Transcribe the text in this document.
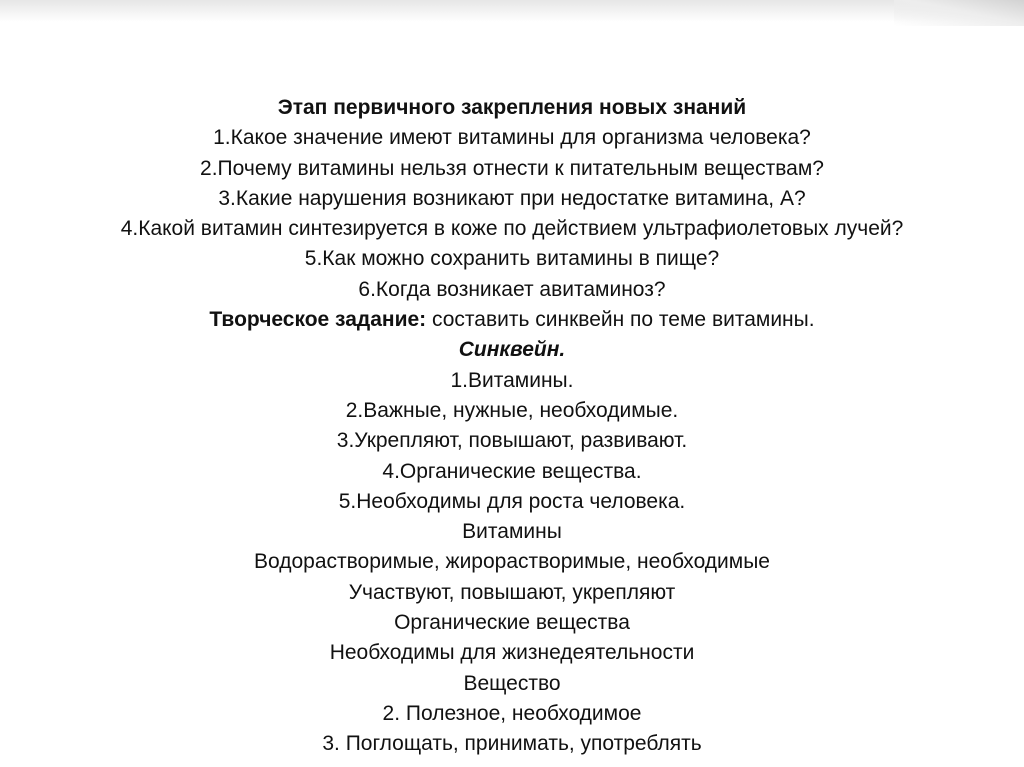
Этап первичного закрепления новых знаний
1.Какое значение имеют витамины для организма человека?
2.Почему витамины нельзя отнести к питательным веществам?
3.Какие нарушения возникают при недостатке витамина, А?
4.Какой витамин синтезируется в коже по действием ультрафиолетовых лучей?
5.Как можно сохранить витамины в пище?
6.Когда возникает авитаминоз?
Творческое задание: составить синквейн по теме витамины.
Синквейн.
1.Витамины.
2.Важные, нужные, необходимые.
3.Укрепляют, повышают, развивают.
4.Органические вещества.
5.Необходимы для роста человека.
Витамины
Водорастворимые, жирорастворимые, необходимые
Участвуют, повышают, укрепляют
Органические вещества
Необходимы для жизнедеятельности
Вещество
2. Полезное, необходимое
3. Поглощать, принимать, употреблять
